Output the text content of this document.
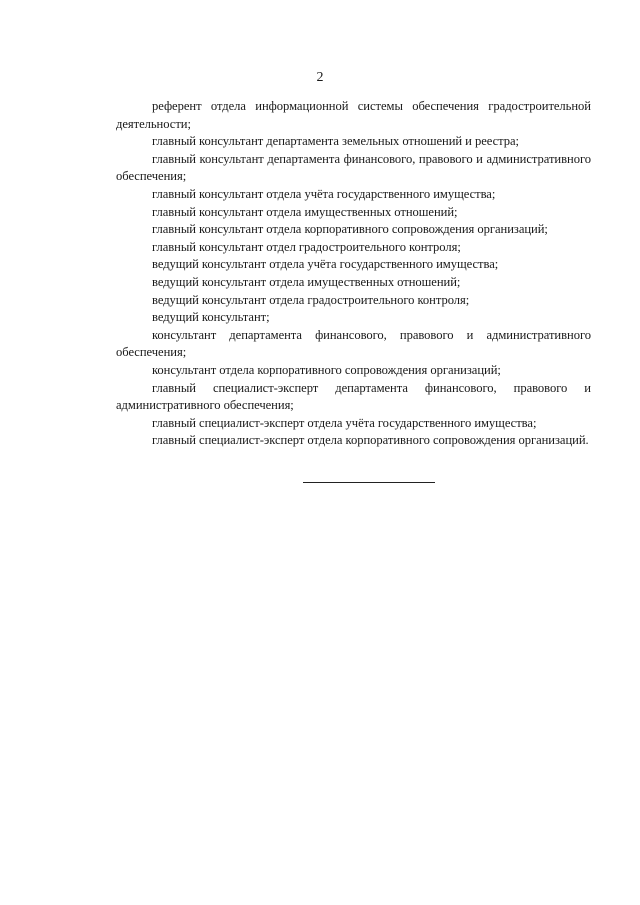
2

референт отдела информационной системы обеспечения градостроительной деятельности;

главный консультант департамента земельных отношений и реестра;

главный консультант департамента финансового, правового и административного обеспечения;

главный консультант отдела учёта государственного имущества;

главный консультант отдела имущественных отношений;

главный консультант отдела корпоративного сопровождения организаций;

главный консультант отдел градостроительного контроля;

ведущий консультант отдела учёта государственного имущества;

ведущий консультант отдела имущественных отношений;

ведущий консультант отдела градостроительного контроля;

ведущий консультант;

консультант департамента финансового, правового и административного обеспечения;

консультант отдела корпоративного сопровождения организаций;

главный специалист-эксперт департамента финансового, правового и административного обеспечения;

главный специалист-эксперт отдела учёта государственного имущества;

главный специалист-эксперт отдела корпоративного сопровождения организаций.
